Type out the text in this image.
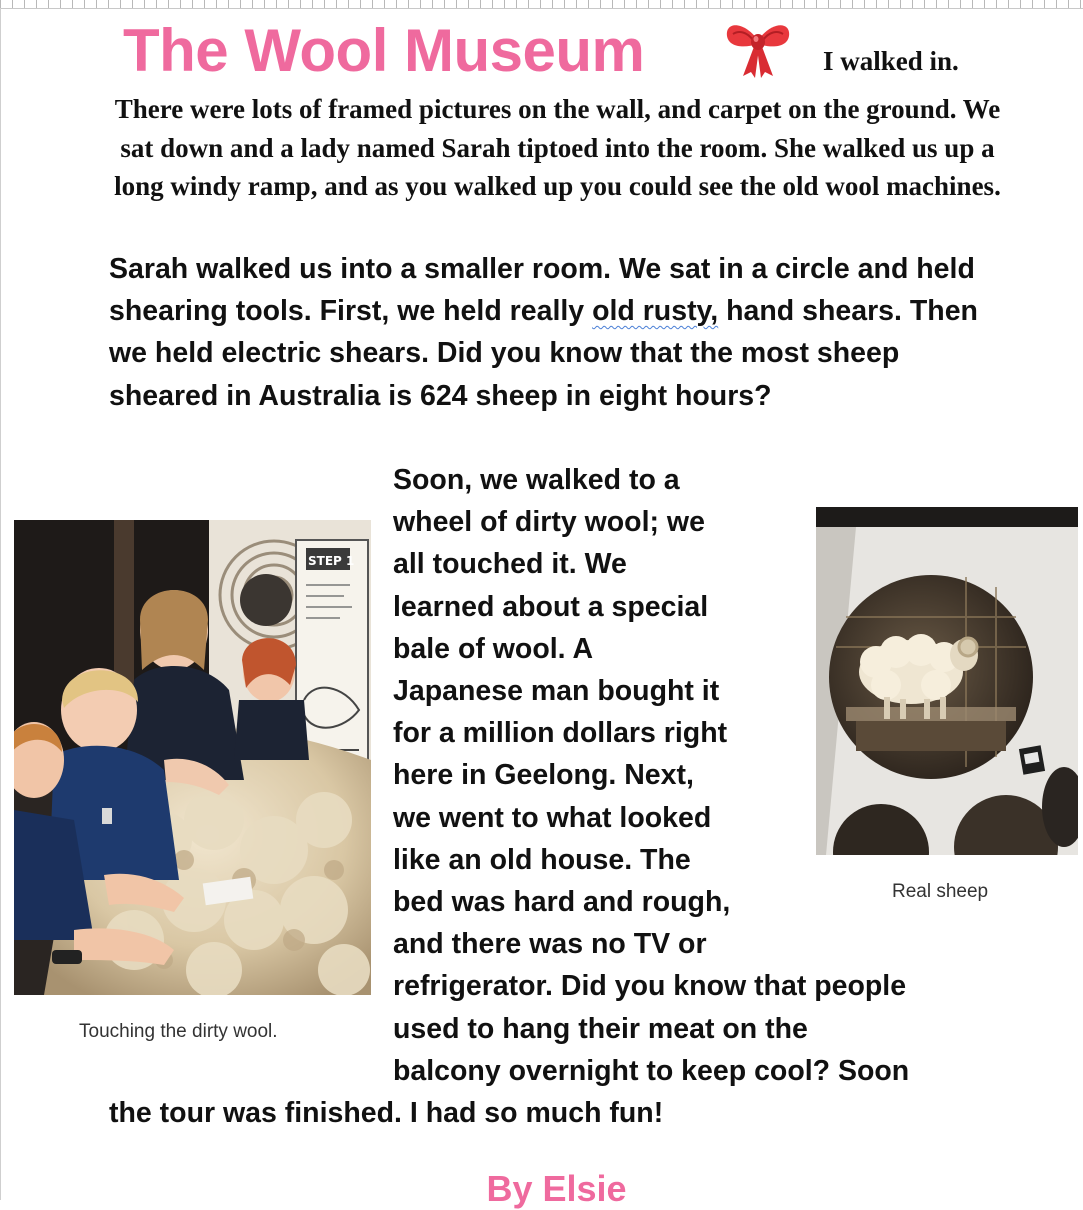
The Wool Museum	I walked in.

There were lots of framed pictures on the wall, and carpet on the ground. We sat down and a lady named Sarah tiptoed into the room. She walked us up a long windy ramp, and as you walked up you could see the old wool machines.

Sarah walked us into a smaller room. We sat in a circle and held shearing tools. First, we held really old rusty, hand shears. Then we held electric shears. Did you know that the most sheep sheared in Australia is 624 sheep in eight hours?

Soon, we walked to a
wheel of dirty wool; we
all touched it. We
learned about a special
bale of wool. A
Japanese man bought it
for a million dollars right
here in Geelong. Next,
we went to what looked
like an old house. The
bed was hard and rough,
and there was no TV or
refrigerator. Did you know that people
used to hang their meat on the
balcony overnight to keep cool? Soon
the tour was finished. I had so much fun!
STEP 1
Touching the dirty wool.
Real sheep
By Elsie
